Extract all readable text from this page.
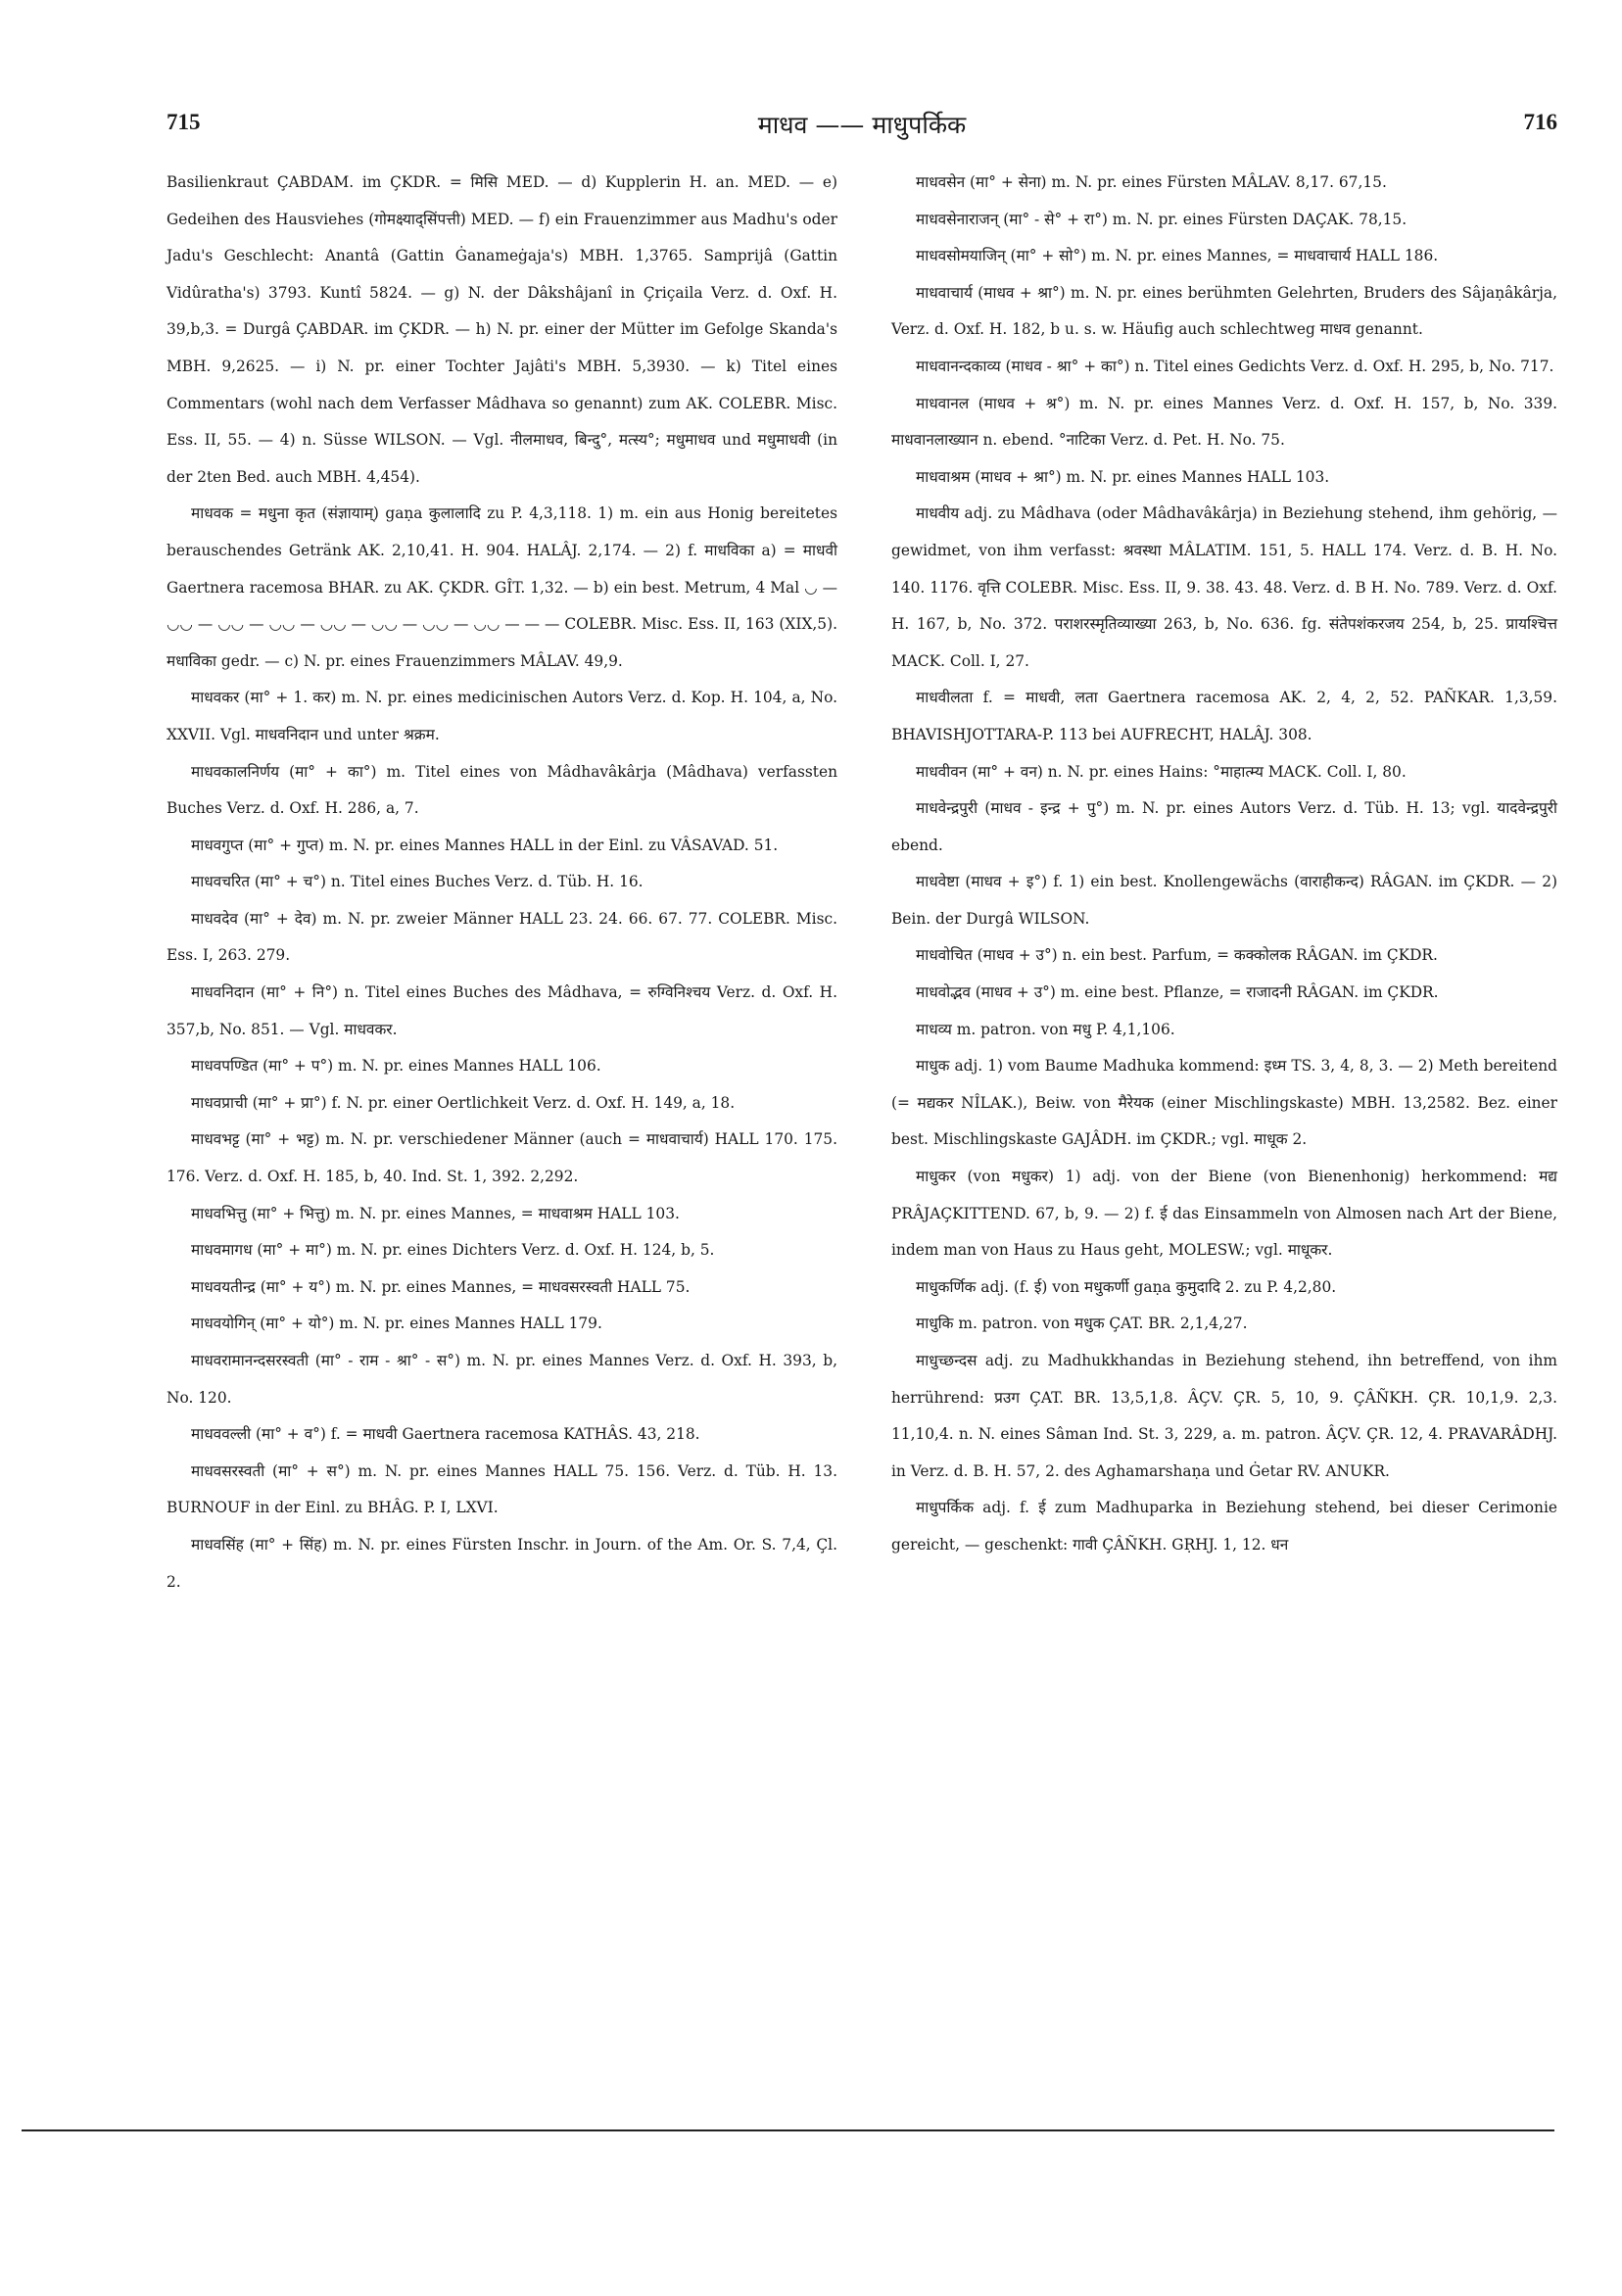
715	माधव —— माधुपर्किक	716

Basilienkraut ÇABDAM. im ÇKDR. = मिसि MED. — d) Kupplerin H. an. MED. — e) Gedeihen des Hausviehes (गोमक्ष्याद्सिंपत्ती) MED. — f) ein Frauenzimmer aus Madhu's oder Jadu's Geschlecht: Anantâ (Gattin Ġanameġaja's) MBH. 1,3765. Samprijâ (Gattin Vidûratha's) 3793. Kuntî 5824. — g) N. der Dâkshâjanî in Çriçaila Verz. d. Oxf. H. 39,b,3. = Durgâ ÇABDAR. im ÇKDR. — h) N. pr. einer der Mütter im Gefolge Skanda's MBH. 9,2625. — i) N. pr. einer Tochter Jajâti's MBH. 5,3930. — k) Titel eines Commentars (wohl nach dem Verfasser Mâdhava so genannt) zum AK. COLEBR. Misc. Ess. II, 55. — 4) n. Süsse WILSON. — Vgl. नीलमाधव, बिन्दु°, मत्स्य°; मधुमाधव und मधुमाधवी (in der 2ten Bed. auch MBH. 4,454).

माधवक = मधुना कृत (संज्ञायाम्) gaṇa कुलालादि zu P. 4,3,118. 1) m. ein aus Honig bereitetes berauschendes Getränk AK. 2,10,41. H. 904. HALÂJ. 2,174. — 2) f. माधविका a) = माधवी Gaertnera racemosa BHAR. zu AK. ÇKDR. GÎT. 1,32. — b) ein best. Metrum, 4 Mal ◡ — ◡◡ — ◡◡ — ◡◡ — ◡◡ — ◡◡ — ◡◡ — ◡◡ — — — COLEBR. Misc. Ess. II, 163 (XIX,5). मधाविका gedr. — c) N. pr. eines Frauenzimmers MÂLAV. 49,9.

माधवकर (मा° + 1. कर) m. N. pr. eines medicinischen Autors Verz. d. Kop. H. 104, a, No. XXVII. Vgl. माधवनिदान und unter श्रक्रम.

माधवकालनिर्णय (मा° + का°) m. Titel eines von Mâdhavâkârja (Mâdhava) verfassten Buches Verz. d. Oxf. H. 286, a, 7.

माधवगुप्त (मा° + गुप्त) m. N. pr. eines Mannes HALL in der Einl. zu VÂSAVAD. 51.

माधवचरित (मा° + च°) n. Titel eines Buches Verz. d. Tüb. H. 16.

माधवदेव (मा° + देव) m. N. pr. zweier Männer HALL 23. 24. 66. 67. 77. COLEBR. Misc. Ess. I, 263. 279.

माधवनिदान (मा° + नि°) n. Titel eines Buches des Mâdhava, = रुग्विनिश्चय Verz. d. Oxf. H. 357,b, No. 851. — Vgl. माधवकर.

माधवपण्डित (मा° + प°) m. N. pr. eines Mannes HALL 106.

माधवप्राची (मा° + प्रा°) f. N. pr. einer Oertlichkeit Verz. d. Oxf. H. 149, a, 18.

माधवभट्ट (मा° + भट्ट) m. N. pr. verschiedener Männer (auch = माधवाचार्य) HALL 170. 175. 176. Verz. d. Oxf. H. 185, b, 40. Ind. St. 1, 392. 2,292.

माधवभित्तु (मा° + भित्तु) m. N. pr. eines Mannes, = माधवाश्रम HALL 103.

माधवमागध (मा° + मा°) m. N. pr. eines Dichters Verz. d. Oxf. H. 124, b, 5.

माधवयतीन्द्र (मा° + य°) m. N. pr. eines Mannes, = माधवसरस्वती HALL 75.

माधवयोगिन् (मा° + यो°) m. N. pr. eines Mannes HALL 179.

माधवरामानन्दसरस्वती (मा° - राम - श्रा° - स°) m. N. pr. eines Mannes Verz. d. Oxf. H. 393, b, No. 120.

माधववल्ली (मा° + व°) f. = माधवी Gaertnera racemosa KATHÂS. 43, 218.

माधवसरस्वती (मा° + स°) m. N. pr. eines Mannes HALL 75. 156. Verz. d. Tüb. H. 13. BURNOUF in der Einl. zu BHÂG. P. I, LXVI.

माधवसिंह (मा° + सिंह) m. N. pr. eines Fürsten Inschr. in Journ. of the Am. Or. S. 7,4, Çl. 2.

माधवसेन (मा° + सेना) m. N. pr. eines Fürsten MÂLAV. 8,17. 67,15.

माधवसेनाराजन् (मा° - से° + रा°) m. N. pr. eines Fürsten DAÇAK. 78,15.

माधवसोमयाजिन् (मा° + सो°) m. N. pr. eines Mannes, = माधवाचार्य HALL 186.

माधवाचार्य (माधव + श्रा°) m. N. pr. eines berühmten Gelehrten, Bruders des Sâjaṇâkârja, Verz. d. Oxf. H. 182, b u. s. w. Häufig auch schlechtweg माधव genannt.

माधवानन्दकाव्य (माधव - श्रा° + का°) n. Titel eines Gedichts Verz. d. Oxf. H. 295, b, No. 717.

माधवानल (माधव + श्र°) m. N. pr. eines Mannes Verz. d. Oxf. H. 157, b, No. 339. माधवानलाख्यान n. ebend. °नाटिका Verz. d. Pet. H. No. 75.

माधवाश्रम (माधव + श्रा°) m. N. pr. eines Mannes HALL 103.

माधवीय adj. zu Mâdhava (oder Mâdhavâkârja) in Beziehung stehend, ihm gehörig, — gewidmet, von ihm verfasst: श्रवस्था MÂLATIM. 151, 5. HALL 174. Verz. d. B. H. No. 140. 1176. वृत्ति COLEBR. Misc. Ess. II, 9. 38. 43. 48. Verz. d. B H. No. 789. Verz. d. Oxf. H. 167, b, No. 372. पराशरस्मृतिव्याख्या 263, b, No. 636. fg. संतेपशंकरजय 254, b, 25. प्रायश्चित्त MACK. Coll. I, 27.

माधवीलता f. = माधवी, लता Gaertnera racemosa AK. 2, 4, 2, 52. PAÑKAR. 1,3,59. BHAVISHJOTTARA-P. 113 bei AUFRECHT, HALÂJ. 308.

माधवीवन (मा° + वन) n. N. pr. eines Hains: °माहात्म्य MACK. Coll. I, 80.

माधवेन्द्रपुरी (माधव - इन्द्र + पु°) m. N. pr. eines Autors Verz. d. Tüb. H. 13; vgl. यादवेन्द्रपुरी ebend.

माधवेष्टा (माधव + इ°) f. 1) ein best. Knollengewächs (वाराहीकन्द) RÂGAN. im ÇKDR. — 2) Bein. der Durgâ WILSON.

माधवोचित (माधव + उ°) n. ein best. Parfum, = कक्कोलक RÂGAN. im ÇKDR.

माधवोद्भव (माधव + उ°) m. eine best. Pflanze, = राजादनी RÂGAN. im ÇKDR.

माधव्य m. patron. von मधु P. 4,1,106.

माधुक adj. 1) vom Baume Madhuka kommend: इध्म TS. 3, 4, 8, 3. — 2) Meth bereitend (= मद्यकर NÎLAK.), Beiw. von मैरेयक (einer Mischlingskaste) MBH. 13,2582. Bez. einer best. Mischlingskaste GAJÂDH. im ÇKDR.; vgl. माधूक 2.

माधुकर (von मधुकर) 1) adj. von der Biene (von Bienenhonig) herkommend: मद्य PRÂJAÇKITTEND. 67, b, 9. — 2) f. ई das Einsammeln von Almosen nach Art der Biene, indem man von Haus zu Haus geht, MOLESW.; vgl. माधूकर.

माधुकर्णिक adj. (f. ई) von मधुकर्णी gaṇa कुमुदादि 2. zu P. 4,2,80.

माधुकि m. patron. von मधुक ÇAT. BR. 2,1,4,27.

माधुच्छन्दस adj. zu Madhukkhandas in Beziehung stehend, ihn betreffend, von ihm herrührend: प्रउग ÇAT. BR. 13,5,1,8. ÂÇV. ÇR. 5, 10, 9. ÇÂÑKH. ÇR. 10,1,9. 2,3. 11,10,4. n. N. eines Sâman Ind. St. 3, 229, a. m. patron. ÂÇV. ÇR. 12, 4. PRAVARÂDHJ. in Verz. d. B. H. 57, 2. des Aghamarshaṇa und Ġetar RV. ANUKR.

माधुपर्किक adj. f. ई zum Madhuparka in Beziehung stehend, bei dieser Cerimonie gereicht, — geschenkt: गावी ÇÂÑKH. GṚHJ. 1, 12. धन
